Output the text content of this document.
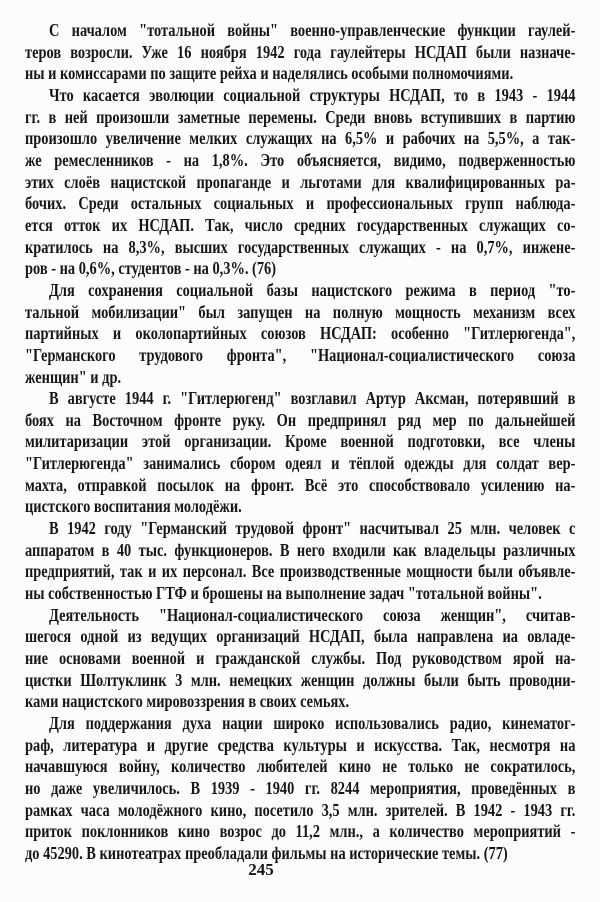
С началом "тотальной войны" военно-управленческие функции гаулей-
теров возросли. Уже 16 ноября 1942 года гаулейтеры НСДАП были назначе-
ны и комиссарами по защите рейха и наделялись особыми полномочиями.
Что касается эволюции социальной структуры НСДАП, то в 1943 - 1944
гг. в ней произошли заметные перемены. Среди вновь вступивших в партию
произошло увеличение мелких служащих на 6,5% и рабочих на 5,5%, а так-
же ремесленников - на 1,8%. Это объясняется, видимо, подверженностью
этих слоёв нацистской пропаганде и льготами для квалифицированных ра-
бочих. Среди остальных социальных и профессиональных групп наблюда-
ется отток их НСДАП. Так, число средних государственных служащих со-
кратилось на 8,3%, высших государственных служащих - на 0,7%, инжене-
ров - на 0,6%, студентов - на 0,3%. (76)
Для сохранения социальной базы нацистского режима в период "то-
тальной мобилизации" был запущен на полную мощность механизм всех
партийных и околопартийных союзов НСДАП: особенно "Гитлерюгенда",
"Германского трудового фронта", "Национал-социалистического союза
женщин" и др.
В августе 1944 г. "Гитлерюгенд" возглавил Артур Аксман, потерявший в
боях на Восточном фронте руку. Он предпринял ряд мер по дальнейшей
милитаризации этой организации. Кроме военной подготовки, все члены
"Гитлерюгенда" занимались сбором одеял и тёплой одежды для солдат вер-
махта, отправкой посылок на фронт. Всё это способствовало усилению на-
цистского воспитания молодёжи.
В 1942 году "Германский трудовой фронт" насчитывал 25 млн. человек с
аппаратом в 40 тыс. функционеров. В него входили как владельцы различных
предприятий, так и их персонал. Все производственные мощности были объявле-
ны собственностью ГТФ и брошены на выполнение задач "тотальной войны".
Деятельность "Национал-социалистического союза женщин", считав-
шегося одной из ведущих организаций НСДАП, была направлена иа овладе-
ние основами военной и гражданской службы. Под руководством ярой на-
цистки Шолтуклинк 3 млн. немецких женщин должны были быть проводни-
ками нацистского мировоззрения в своих семьях.
Для поддержания духа нации широко использовались радио, кинематог-
раф, литература и другие средства культуры и искусства. Так, несмотря на
начавшуюся войну, количество любителей кино не только не сократилось,
но даже увеличилось. В 1939 - 1940 гг. 8244 мероприятия, проведённых в
рамках часа молодёжного кино, посетило 3,5 млн. зрителей. В 1942 - 1943 гг.
приток поклонников кино возрос до 11,2 млн., а количество мероприятий -
до 45290. В кинотеатрах преобладали фильмы на исторические темы. (77)
245
